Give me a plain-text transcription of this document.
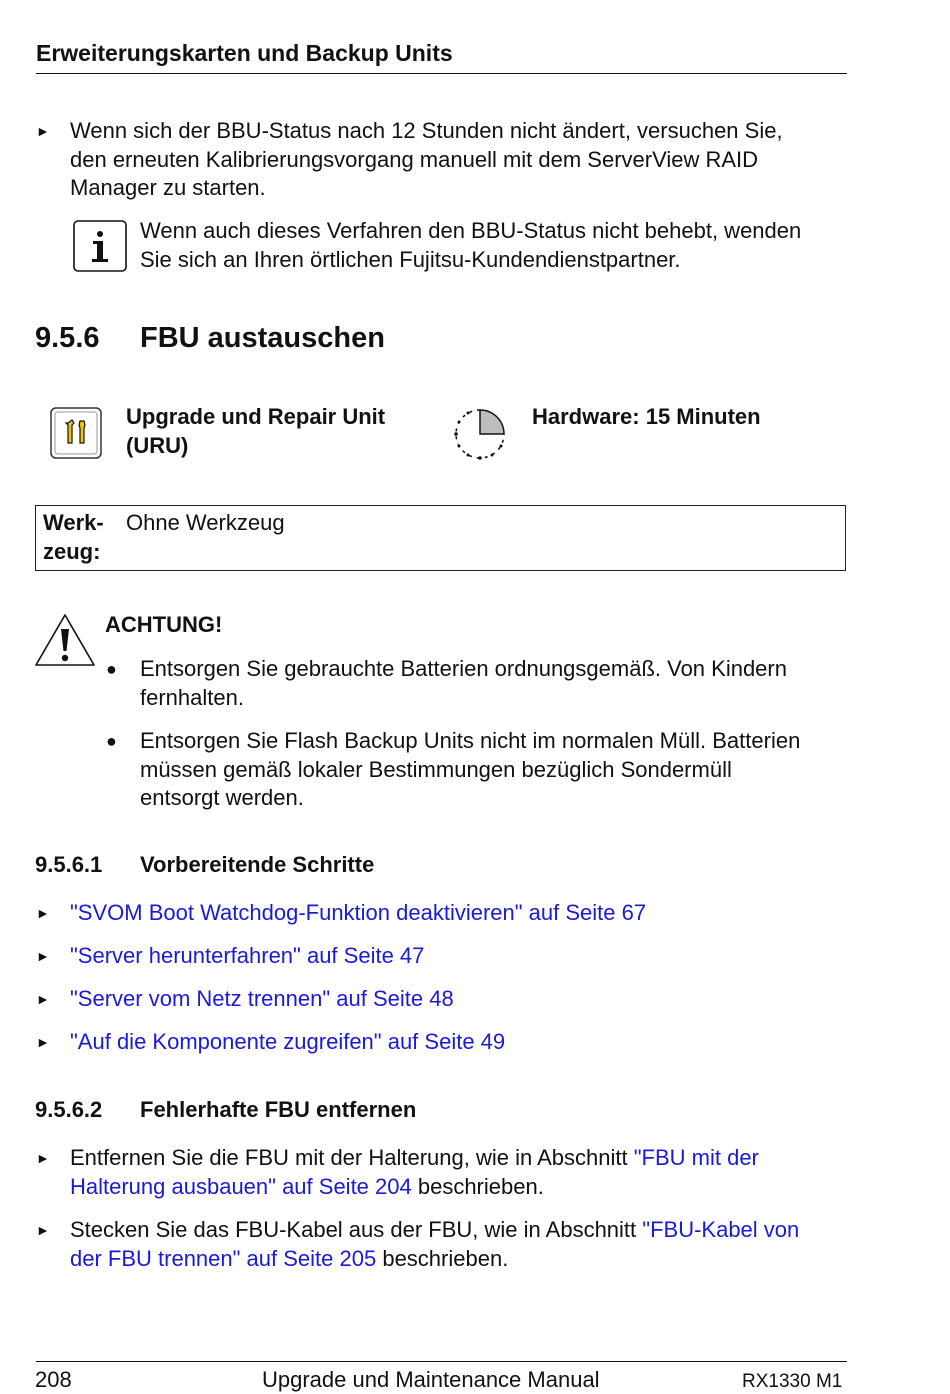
Erweiterungskarten und Backup Units
► Wenn sich der BBU-Status nach 12 Stunden nicht ändert, versuchen Sie,
den erneuten Kalibrierungsvorgang manuell mit dem ServerView RAID
Manager zu starten.
Wenn auch dieses Verfahren den BBU-Status nicht behebt, wenden
Sie sich an Ihren örtlichen Fujitsu-Kundendienstpartner.
9.5.6 FBU austauschen
Upgrade und Repair Unit
(URU)
Hardware: 15 Minuten
Werk-
zeug:
Ohne Werkzeug
ACHTUNG!
● Entsorgen Sie gebrauchte Batterien ordnungsgemäß. Von Kindern
fernhalten.
● Entsorgen Sie Flash Backup Units nicht im normalen Müll. Batterien
müssen gemäß lokaler Bestimmungen bezüglich Sondermüll
entsorgt werden.
9.5.6.1 Vorbereitende Schritte
► "SVOM Boot Watchdog-Funktion deaktivieren" auf Seite 67
► "Server herunterfahren" auf Seite 47
► "Server vom Netz trennen" auf Seite 48
► "Auf die Komponente zugreifen" auf Seite 49
9.5.6.2 Fehlerhafte FBU entfernen
► Entfernen Sie die FBU mit der Halterung, wie in Abschnitt "FBU mit der
Halterung ausbauen" auf Seite 204 beschrieben.
► Stecken Sie das FBU-Kabel aus der FBU, wie in Abschnitt "FBU-Kabel von
der FBU trennen" auf Seite 205 beschrieben.
208	Upgrade und Maintenance Manual	RX1330 M1
